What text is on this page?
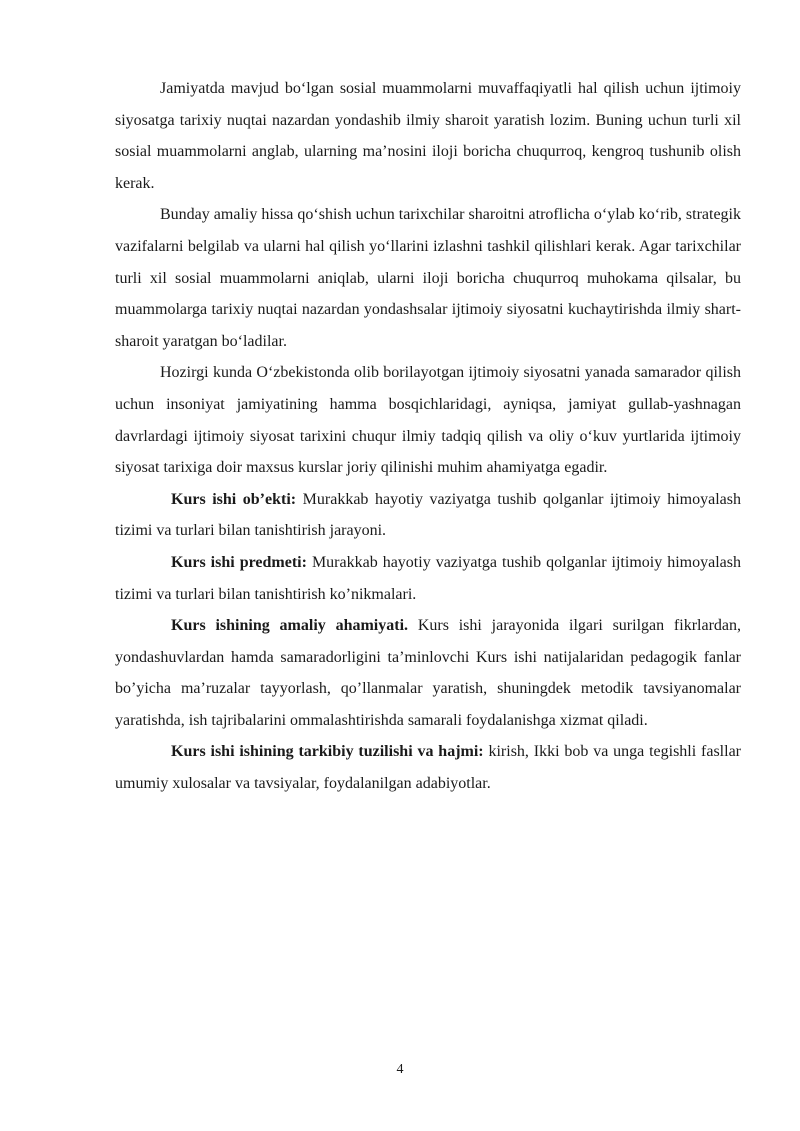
Jamiyatda mavjud boʻlgan sosial muammolarni muvaffaqiyatli hal qilish uchun ijtimoiy siyosatga tarixiy nuqtai nazardan yondashib ilmiy sharoit yaratish lozim. Buning uchun turli xil sosial muammolarni anglab, ularning maʼnosini iloji boricha chuqurroq, kengroq tushunib olish kerak.

Bunday amaliy hissa qoʻshish uchun tarixchilar sharoitni atroflicha oʻylab koʻrib, strategik vazifalarni belgilab va ularni hal qilish yoʻllarini izlashni tashkil qilishlari kerak. Agar tarixchilar turli xil sosial muammolarni aniqlab, ularni iloji boricha chuqurroq muhokama qilsalar, bu muammolarga tarixiy nuqtai nazardan yondashsalar ijtimoiy siyosatni kuchaytirishda ilmiy shart-sharoit yaratgan boʻladilar.

Hozirgi kunda Oʻzbekistonda olib borilayotgan ijtimoiy siyosatni yanada samarador qilish uchun insoniyat jamiyatining hamma bosqichlaridagi, ayniqsa, jamiyat gullab-yashnagan davrlardagi ijtimoiy siyosat tarixini chuqur ilmiy tadqiq qilish va oliy oʻkuv yurtlarida ijtimoiy siyosat tarixiga doir maxsus kurslar joriy qilinishi muhim ahamiyatga egadir.

Kurs ishi ob’ekti: Murakkab hayotiy vaziyatga tushib qolganlar ijtimoiy himoyalash tizimi va turlari bilan tanishtirish jarayoni.

Kurs ishi predmeti: Murakkab hayotiy vaziyatga tushib qolganlar ijtimoiy himoyalash tizimi va turlari bilan tanishtirish ko’nikmalari.

Kurs ishining amaliy ahamiyati. Kurs ishi jarayonida ilgari surilgan fikrlardan, yondashuvlardan hamda samaradorligini ta’minlovchi Kurs ishi natijalaridan pedagogik fanlar bo’yicha ma’ruzalar tayyorlash, qo’llanmalar yaratish, shuningdek metodik tavsiyanomalar yaratishda, ish tajribalarini ommalashtirishda samarali foydalanishga xizmat qiladi.

Kurs ishi ishining tarkibiy tuzilishi va hajmi: kirish, Ikki bob va unga tegishli fasllar umumiy xulosalar va tavsiyalar, foydalanilgan adabiyotlar.

4
